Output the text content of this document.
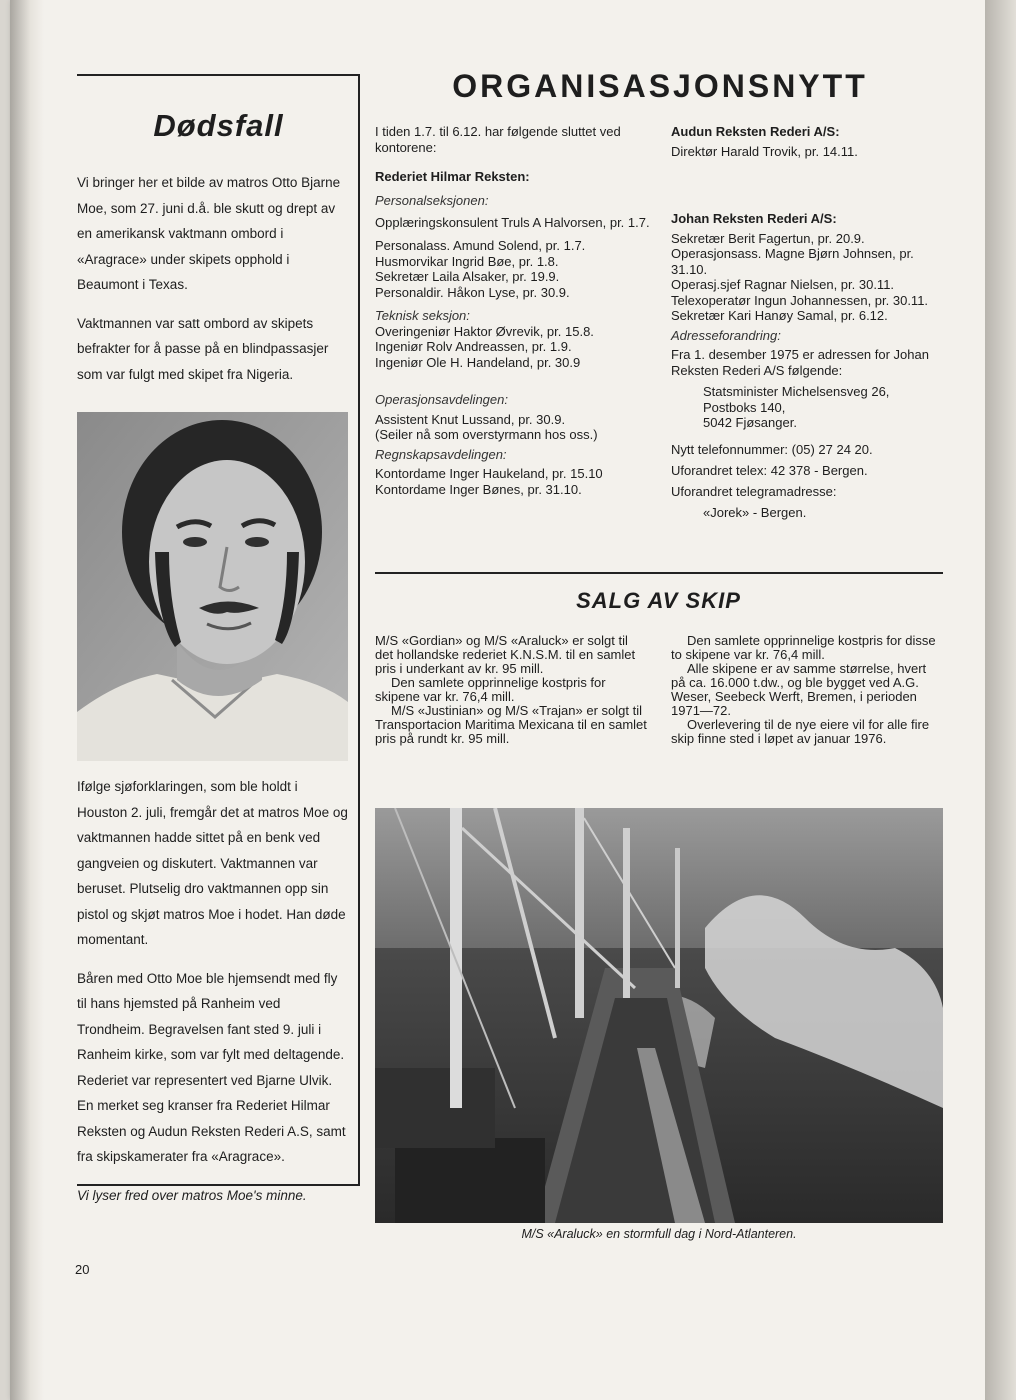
Dødsfall

Vi bringer her et bilde av matros Otto Bjarne Moe, som 27. juni d.å. ble skutt og drept av en amerikansk vaktmann ombord i «Aragrace» under skipets opphold i Beaumont i Texas.

Vaktmannen var satt ombord av skipets befrakter for å passe på en blindpassasjer som var fulgt med skipet fra Nigeria.

Ifølge sjøforklaringen, som ble holdt i Houston 2. juli, fremgår det at matros Moe og vaktmannen hadde sittet på en benk ved gangveien og diskutert. Vaktmannen var beruset. Plutselig dro vaktmannen opp sin pistol og skjøt matros Moe i hodet. Han døde momentant.

Båren med Otto Moe ble hjemsendt med fly til hans hjemsted på Ranheim ved Trondheim. Begravelsen fant sted 9. juli i Ranheim kirke, som var fylt med deltagende. Rederiet var representert ved Bjarne Ulvik. En merket seg kranser fra Rederiet Hilmar Reksten og Audun Reksten Rederi A.S, samt fra skipskamerater fra «Aragrace».

Vi lyser fred over matros Moe's minne.

ORGANISASJONSNYTT

I tiden 1.7. til 6.12. har følgende sluttet ved kontorene:

Rederiet Hilmar Reksten:

Personalseksjonen:

Opplæringskonsulent Truls A Halvorsen, pr. 1.7.

Personalass. Amund Solend, pr. 1.7.

Husmorvikar Ingrid Bøe, pr. 1.8.

Sekretær Laila Alsaker, pr. 19.9.

Personaldir. Håkon Lyse, pr. 30.9.

Teknisk seksjon:

Overingeniør Haktor Øvrevik, pr. 15.8.

Ingeniør Rolv Andreassen, pr. 1.9.

Ingeniør Ole H. Handeland, pr. 30.9

Operasjonsavdelingen:

Assistent Knut Lussand, pr. 30.9.

(Seiler nå som overstyrmann hos oss.)

Regnskapsavdelingen:

Kontordame Inger Haukeland, pr. 15.10

Kontordame Inger Bønes, pr. 31.10.

Audun Reksten Rederi A/S:

Direktør Harald Trovik, pr. 14.11.

Johan Reksten Rederi A/S:

Sekretær Berit Fagertun, pr. 20.9.

Operasjonsass. Magne Bjørn Johnsen, pr. 31.10.

Operasj.sjef Ragnar Nielsen, pr. 30.11.

Telexoperatør Ingun Johannessen, pr. 30.11.

Sekretær Kari Hanøy Samal, pr. 6.12.

Adresseforandring:

Fra 1. desember 1975 er adressen for Johan Reksten Rederi A/S følgende:

Statsminister Michelsensveg 26,

Postboks 140,

5042 Fjøsanger.

Nytt telefonnummer: (05) 27 24 20.

Uforandret telex: 42 378 - Bergen.

Uforandret telegramadresse:

«Jorek» - Bergen.

SALG AV SKIP

M/S «Gordian» og M/S «Araluck» er solgt til det hollandske rederiet K.N.S.M. til en samlet pris i underkant av kr. 95 mill.

Den samlete opprinnelige kostpris for skipene var kr. 76,4 mill.

M/S «Justinian» og M/S «Trajan» er solgt til Transportacion Maritima Mexicana til en samlet pris på rundt kr. 95 mill.

Den samlete opprinnelige kostpris for disse to skipene var kr. 76,4 mill.

Alle skipene er av samme størrelse, hvert på ca. 16.000 t.dw., og ble bygget ved A.G. Weser, Seebeck Werft, Bremen, i perioden 1971—72.

Overlevering til de nye eiere vil for alle fire skip finne sted i løpet av januar 1976.

M/S «Araluck» en stormfull dag i Nord-Atlanteren.
20
